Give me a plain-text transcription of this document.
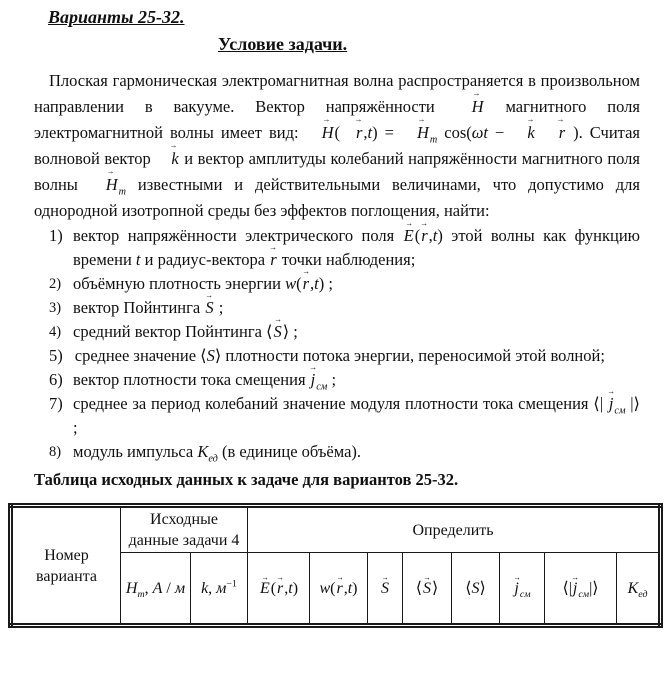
Варианты 25-32.
Условие задачи.

Плоская гармоническая электромагнитная волна распространяется в произвольном направлении в вакууме. Вектор напряжённости → H магнитного поля электромагнитной волны имеет вид: → H( → r,t) = → $H_m$ cos(ωt − → k → r ). Считая волновой вектор → k и вектор амплитуды колебаний напряжённости магнитного поля волны → $H_m$ известными и действительными величинами, что допустимо для однородной изотропной среды без эффектов поглощения, найти:

1) вектор напряжённости электрического поля → E(→ r,t) этой волны как функцию времени t и радиус-вектора → r точки наблюдения;
2) объёмную плотность энергии w(→ r,t) ;
3) вектор Пойнтинга → S ;
4) средний вектор Пойнтинга ⟨→ S⟩ ;
5) среднее значение ⟨S⟩ плотности потока энергии, переносимой этой волной;
6) вектор плотности тока смещения → $j_{см}$ ;
7) среднее за период колебаний значение модуля плотности тока смещения ⟨| → $j_{см}$ |⟩ ;
8) модуль импульса $K_{ед}$ (в единице объёма).

Таблица исходных данных к задаче для вариантов 25-32.

Номер варианта	Исходные данные задачи 4		Определить							
	$H_m$, А / м	k, $м^{-1}$	→ E(→ r,t)	w(→ r,t)	→ S	⟨→ S⟩	⟨S⟩	→ $j_{см}$	⟨|→ $j_{см}|⟩$	$K_{ед}$
